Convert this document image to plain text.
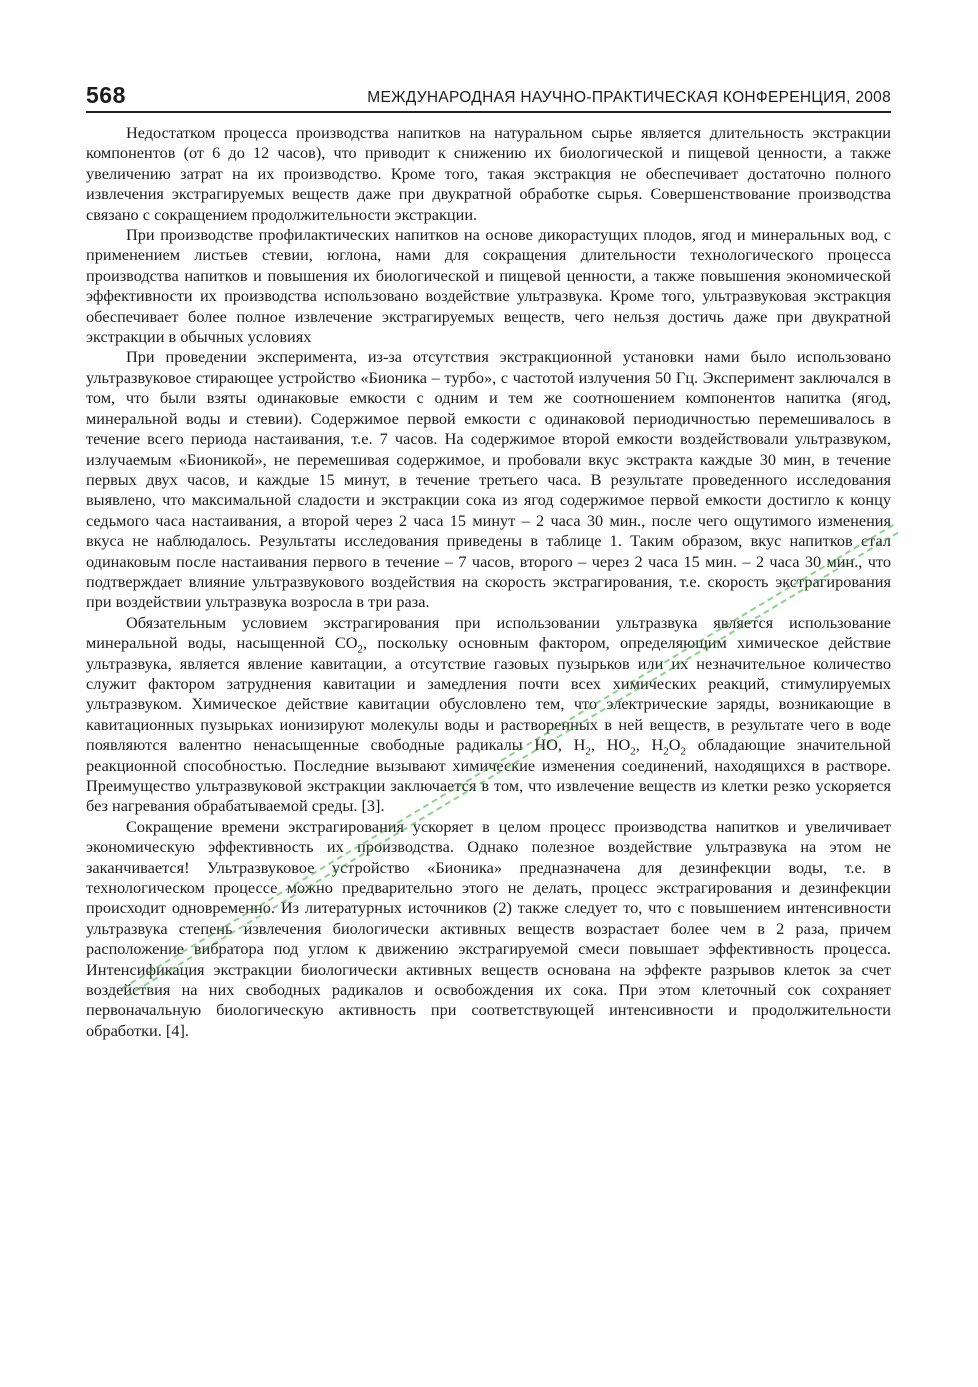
568	МЕЖДУНАРОДНАЯ НАУЧНО-ПРАКТИЧЕСКАЯ КОНФЕРЕНЦИЯ, 2008

Недостатком процесса производства напитков на натуральном сырье является длительность экстракции компонентов (от 6 до 12 часов), что приводит к снижению их биологической и пищевой ценности, а также увеличению затрат на их производство. Кроме того, такая экстракция не обеспечивает достаточно полного извлечения экстрагируемых веществ даже при двукратной обработке сырья. Совершенствование производства связано с сокращением продолжительности экстракции.

При производстве профилактических напитков на основе дикорастущих плодов, ягод и минеральных вод, с применением листьев стевии, юглона, нами для сокращения длительности технологического процесса производства напитков и повышения их биологической и пищевой ценности, а также повышения экономической эффективности их производства использовано воздействие ультразвука. Кроме того, ультразвуковая экстракция обеспечивает более полное извлечение экстрагируемых веществ, чего нельзя достичь даже при двукратной экстракции в обычных условиях

При проведении эксперимента, из-за отсутствия экстракционной установки нами было использовано ультразвуковое стирающее устройство «Бионика – турбо», с частотой излучения 50 Гц. Эксперимент заключался в том, что были взяты одинаковые емкости с одним и тем же соотношением компонентов напитка (ягод, минеральной воды и стевии). Содержимое первой емкости с одинаковой периодичностью перемешивалось в течение всего периода настаивания, т.е. 7 часов. На содержимое второй емкости воздействовали ультразвуком, излучаемым «Бионикой», не перемешивая содержимое, и пробовали вкус экстракта каждые 30 мин, в течение первых двух часов, и каждые 15 минут, в течение третьего часа. В результате проведенного исследования выявлено, что максимальной сладости и экстракции сока из ягод содержимое первой емкости достигло к концу седьмого часа настаивания, а второй через 2 часа 15 минут – 2 часа 30 мин., после чего ощутимого изменения вкуса не наблюдалось. Результаты исследования приведены в таблице 1. Таким образом, вкус напитков стал одинаковым после настаивания первого в течение – 7 часов, второго – через 2 часа 15 мин. – 2 часа 30 мин., что подтверждает влияние ультразвукового воздействия на скорость экстрагирования, т.е. скорость экстрагирования при воздействии ультразвука возросла в три раза.

Обязательным условием экстрагирования при использовании ультразвука является использование минеральной воды, насыщенной $СО_2$, поскольку основным фактором, определяющим химическое действие ультразвука, является явление кавитации, а отсутствие газовых пузырьков или их незначительное количество служит фактором затруднения кавитации и замедления почти всех химических реакций, стимулируемых ультразвуком. Химическое действие кавитации обусловлено тем, что электрические заряды, возникающие в кавитационных пузырьках ионизируют молекулы воды и растворенных в ней веществ, в результате чего в воде появляются валентно ненасыщенные свободные радикалы НО, $Н_2$, $НО_2$, $Н_2О_2$ обладающие значительной реакционной способностью. Последние вызывают химические изменения соединений, находящихся в растворе. Преимущество ультразвуковой экстракции заключается в том, что извлечение веществ из клетки резко ускоряется без нагревания обрабатываемой среды. [3].

Сокращение времени экстрагирования ускоряет в целом процесс производства напитков и увеличивает экономическую эффективность их производства. Однако полезное воздействие ультразвука на этом не заканчивается! Ультразвуковое устройство «Бионика» предназначена для дезинфекции воды, т.е. в технологическом процессе можно предварительно этого не делать, процесс экстрагирования и дезинфекции происходит одновременно. Из литературных источников (2) также следует то, что с повышением интенсивности ультразвука степень извлечения биологически активных веществ возрастает более чем в 2 раза, причем расположение вибратора под углом к движению экстрагируемой смеси повышает эффективность процесса. Интенсификация экстракции биологически активных веществ основана на эффекте разрывов клеток за счет воздействия на них свободных радикалов и освобождения их сока. При этом клеточный сок сохраняет первоначальную биологическую активность при соответствующей интенсивности и продолжительности обработки. [4].
